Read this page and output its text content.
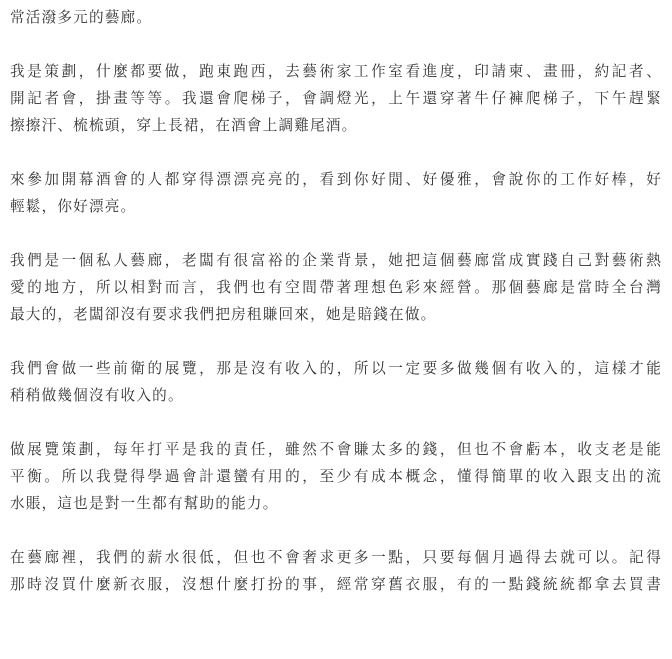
常活潑多元的藝廊。
我是策劃，什麼都要做，跑東跑西，去藝術家工作室看進度，印請柬、畫冊，約記者、
開記者會，掛畫等等。我還會爬梯子，會調燈光，上午還穿著牛仔褲爬梯子，下午趕緊
擦擦汗、梳梳頭，穿上長裙，在酒會上調雞尾酒。
來參加開幕酒會的人都穿得漂漂亮亮的，看到你好閒、好優雅，會說你的工作好棒，好
輕鬆，你好漂亮。
我們是一個私人藝廊，老闆有很富裕的企業背景，她把這個藝廊當成實踐自己對藝術熱
愛的地方，所以相對而言，我們也有空間帶著理想色彩來經營。那個藝廊是當時全台灣
最大的，老闆卻沒有要求我們把房租賺回來，她是賠錢在做。
我們會做一些前衛的展覽，那是沒有收入的，所以一定要多做幾個有收入的，這樣才能
稍稍做幾個沒有收入的。
做展覽策劃，每年打平是我的責任，雖然不會賺太多的錢，但也不會虧本，收支老是能
平衡。所以我覺得學過會計還蠻有用的，至少有成本概念，懂得簡單的收入跟支出的流
水賬，這也是對一生都有幫助的能力。
在藝廊裡，我們的薪水很低，但也不會奢求更多一點，只要每個月過得去就可以。記得
那時沒買什麼新衣服，沒想什麼打扮的事，經常穿舊衣服，有的一點錢統統都拿去買書
